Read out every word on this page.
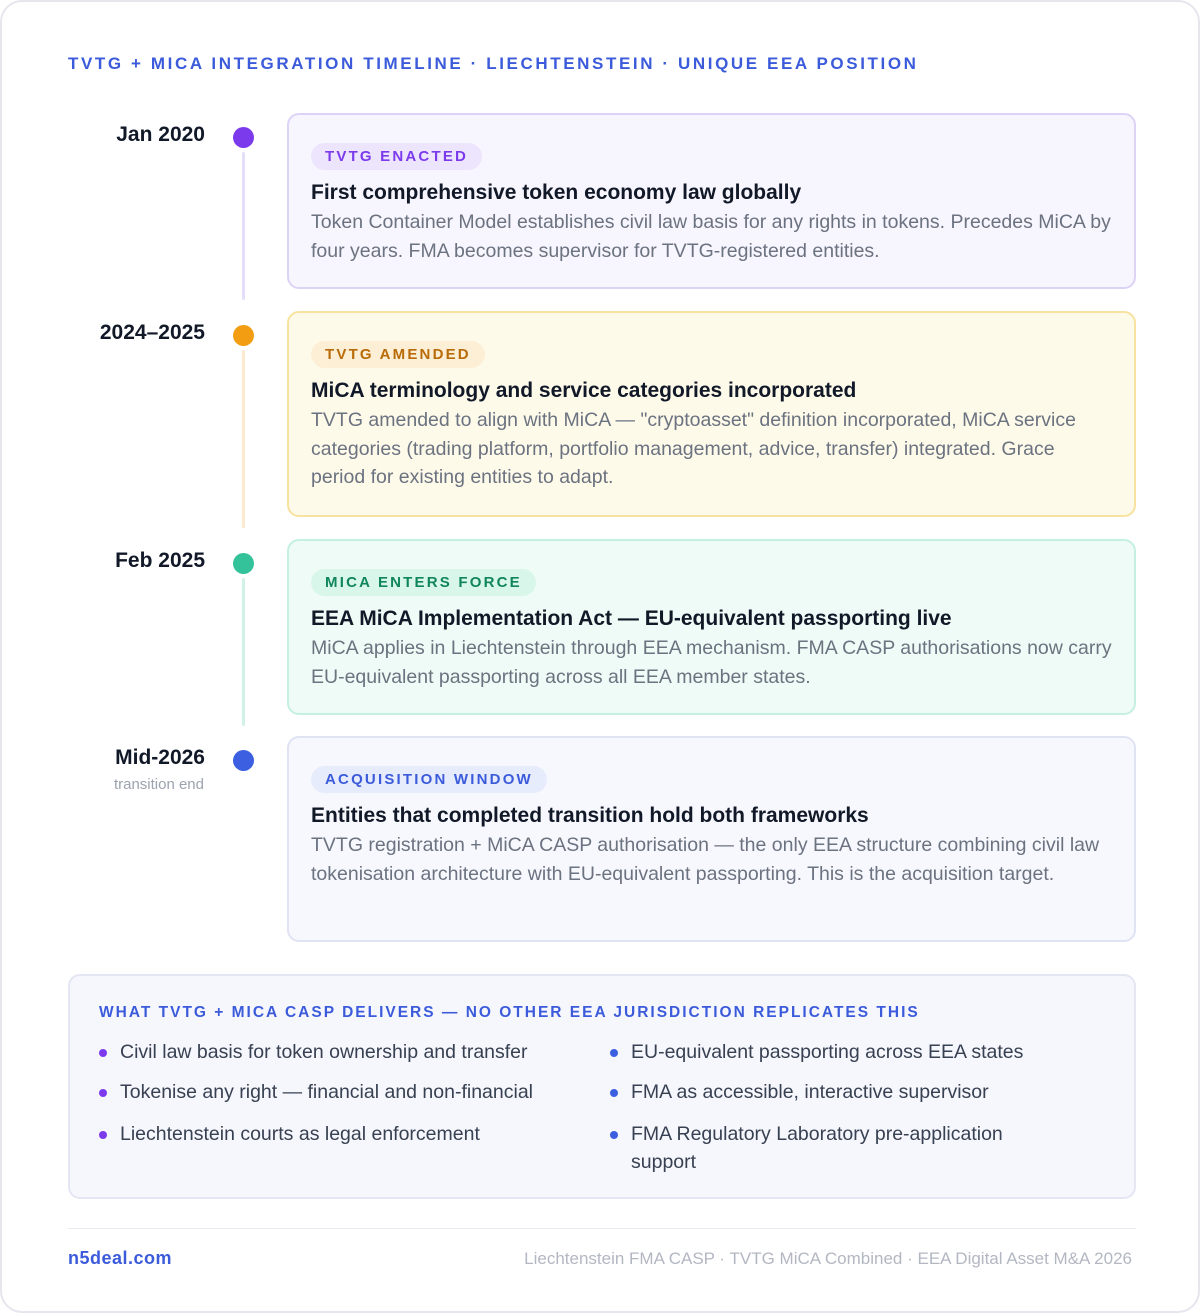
TVTG + MICA INTEGRATION TIMELINE · LIECHTENSTEIN · UNIQUE EEA POSITION
Jan 2020
TVTG ENACTED
First comprehensive token economy law globally
Token Container Model establishes civil law basis for any rights in tokens. Precedes MiCA by four years. FMA becomes supervisor for TVTG-registered entities.
2024–2025
TVTG AMENDED
MiCA terminology and service categories incorporated
TVTG amended to align with MiCA — "cryptoasset" definition incorporated, MiCA service categories (trading platform, portfolio management, advice, transfer) integrated. Grace period for existing entities to adapt.
Feb 2025
MICA ENTERS FORCE
EEA MiCA Implementation Act — EU-equivalent passporting live
MiCA applies in Liechtenstein through EEA mechanism. FMA CASP authorisations now carry EU-equivalent passporting across all EEA member states.
Mid-2026
transition end	ACQUISITION WINDOW
Entities that completed transition hold both frameworks
TVTG registration + MiCA CASP authorisation — the only EEA structure combining civil law tokenisation architecture with EU-equivalent passporting. This is the acquisition target.
WHAT TVTG + MICA CASP DELIVERS — NO OTHER EEA JURISDICTION REPLICATES THIS
Civil law basis for token ownership and transfer
Tokenise any right — financial and non-financial
Liechtenstein courts as legal enforcement
EU-equivalent passporting across EEA states
FMA as accessible, interactive supervisor
FMA Regulatory Laboratory pre-application support
n5deal.com	Liechtenstein FMA CASP · TVTG MiCA Combined · EEA Digital Asset M&A 2026
